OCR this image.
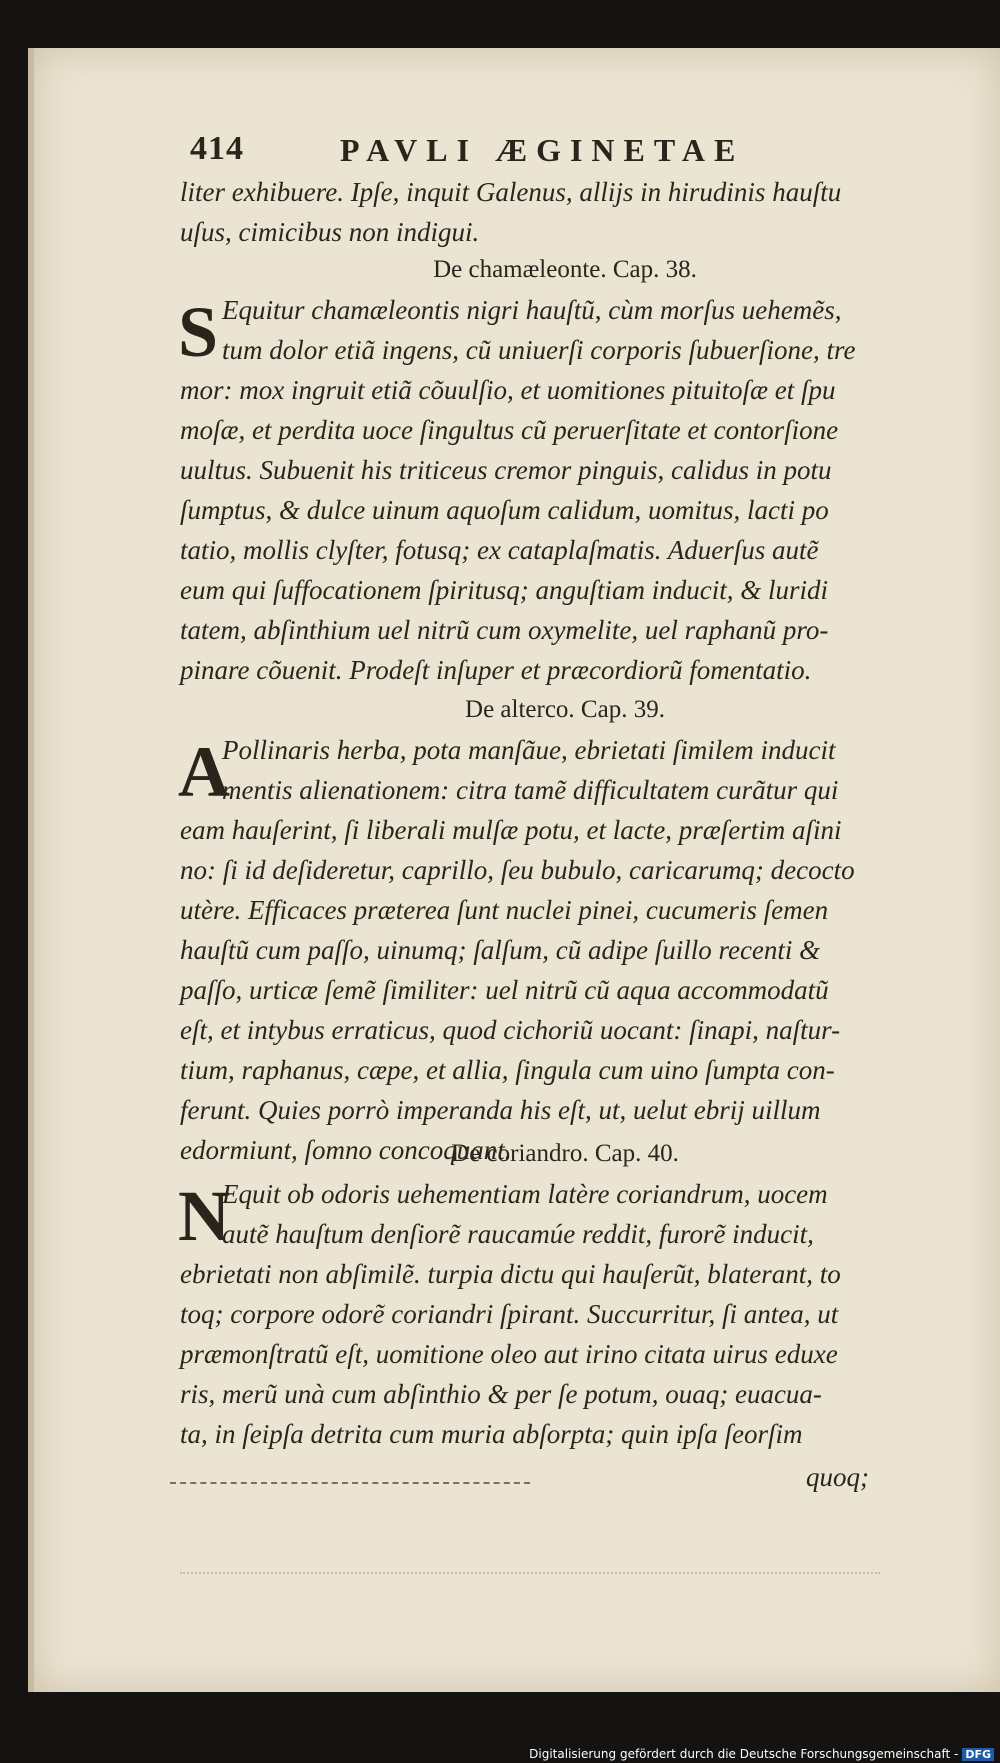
414	PAVLI ÆGINETAE
liter exhibuere. Ipſe, inquit Galenus, allijs in hirudinis hauſtu
uſus, cimicibus non indigui.
De chamæleonte. Cap. 38.
S Equitur chamæleontis nigri hauſtũ, cùm morſus uehemẽs,
tum dolor etiã ingens, cũ uniuerſi corporis ſubuerſione, tre
mor: mox ingruit etiã cõuulſio, et uomitiones pituitoſæ et ſpu
moſæ, et perdita uoce ſingultus cũ peruerſitate et contorſione
uultus. Subuenit his triticeus cremor pinguis, calidus in potu
ſumptus, & dulce uinum aquoſum calidum, uomitus, lacti po
tatio, mollis clyſter, fotusq; ex cataplaſmatis. Aduerſus autẽ
eum qui ſuffocationem ſpiritusq; anguſtiam inducit, & luridi
tatem, abſinthium uel nitrũ cum oxymelite, uel raphanũ pro-
pinare cõuenit. Prodeſt inſuper et præcordiorũ fomentatio.
De alterco. Cap. 39.
A
Pollinaris herba, pota manſãue, ebrietati ſimilem inducit
mentis alienationem: citra tamẽ difficultatem curãtur qui
eam hauſerint, ſi liberali mulſæ potu, et lacte, præſertim aſini
no: ſi id deſideretur, caprillo, ſeu bubulo, caricarumq; decocto
utère. Efficaces præterea ſunt nuclei pinei, cucumeris ſemen
hauſtũ cum paſſo, uinumq; ſalſum, cũ adipe ſuillo recenti &
paſſo, urticæ ſemẽ ſimiliter: uel nitrũ cũ aqua accommodatũ
eſt, et intybus erraticus, quod cichoriũ uocant: ſinapi, naſtur-
tium, raphanus, cæpe, et allia, ſingula cum uino ſumpta con-
ferunt. Quies porrò imperanda his eſt, ut, uelut ebrij uillum
edormiunt, ſomno concoquant.
De coriandro. Cap. 40.
N
Equit ob odoris uehementiam latère coriandrum, uocem
autẽ hauſtum denſiorẽ raucamúe reddit, furorẽ inducit,
ebrietati non abſimilẽ. turpia dictu qui hauſerũt, blaterant, to
toq; corpore odorẽ coriandri ſpirant. Succurritur, ſi antea, ut
præmonſtratũ eſt, uomitione oleo aut irino citata uirus eduxe
ris, merũ unà cum abſinthio & per ſe potum, ouaq; euacua-
ta, in ſeipſa detrita cum muria abſorpta; quin ipſa ſeorſim
quoq;
Digitalisierung gefördert durch die Deutsche Forschungsgemeinschaft - DFG
